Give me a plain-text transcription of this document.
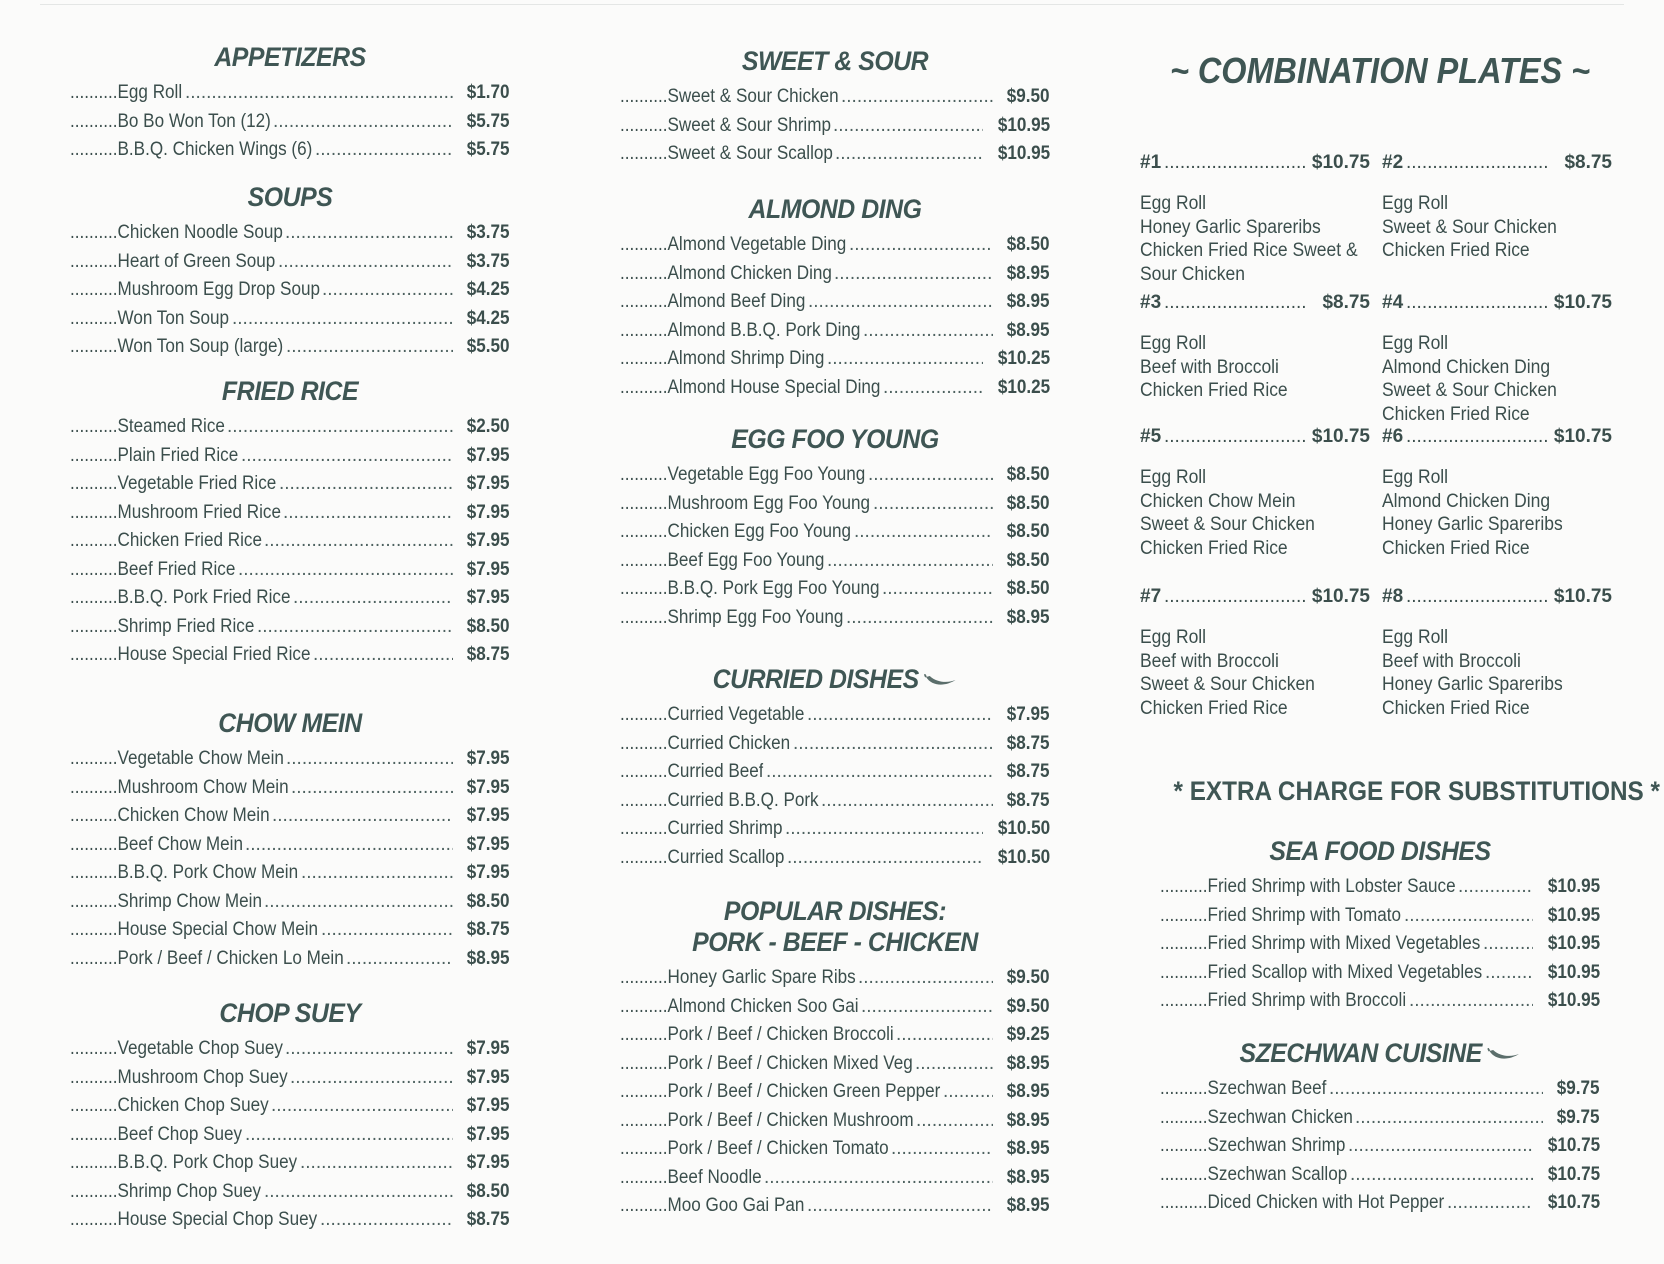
APPETIZERS
..... Egg Roll .....	$1.70
..... Bo Bo Won Ton (12) .....	$5.75
..... B.B.Q. Chicken Wings (6) .....	$5.75
SOUPS
..... Chicken Noodle Soup .....	$3.75
..... Heart of Green Soup .....	$3.75
..... Mushroom Egg Drop Soup .....	$4.25
..... Won Ton Soup .....	$4.25
..... Won Ton Soup (large) .....	$5.50
FRIED RICE
..... Steamed Rice .....	$2.50
..... Plain Fried Rice .....	$7.95
..... Vegetable Fried Rice .....	$7.95
..... Mushroom Fried Rice .....	$7.95
..... Chicken Fried Rice .....	$7.95
..... Beef Fried Rice .....	$7.95
..... B.B.Q. Pork Fried Rice .....	$7.95
..... Shrimp Fried Rice .....	$8.50
..... House Special Fried Rice .....	$8.75
CHOW MEIN
..... Vegetable Chow Mein .....	$7.95
..... Mushroom Chow Mein .....	$7.95
..... Chicken Chow Mein .....	$7.95
..... Beef Chow Mein .....	$7.95
..... B.B.Q. Pork Chow Mein .....	$7.95
..... Shrimp Chow Mein .....	$8.50
..... House Special Chow Mein .....	$8.75
..... Pork / Beef / Chicken Lo Mein .....	$8.95
CHOP SUEY
..... Vegetable Chop Suey .....	$7.95
..... Mushroom Chop Suey .....	$7.95
..... Chicken Chop Suey .....	$7.95
..... Beef Chop Suey .....	$7.95
..... B.B.Q. Pork Chop Suey .....	$7.95
..... Shrimp Chop Suey .....	$8.50
..... House Special Chop Suey .....	$8.75
SWEET & SOUR
..... Sweet & Sour Chicken .....	$9.50
..... Sweet & Sour Shrimp .....	$10.95
..... Sweet & Sour Scallop .....	$10.95
ALMOND DING
..... Almond Vegetable Ding .....	$8.50
..... Almond Chicken Ding .....	$8.95
..... Almond Beef Ding .....	$8.95
..... Almond B.B.Q. Pork Ding .....	$8.95
..... Almond Shrimp Ding .....	$10.25
..... Almond House Special Ding .....	$10.25
EGG FOO YOUNG
..... Vegetable Egg Foo Young .....	$8.50
..... Mushroom Egg Foo Young .....	$8.50
..... Chicken Egg Foo Young .....	$8.50
..... Beef Egg Foo Young .....	$8.50
..... B.B.Q. Pork Egg Foo Young .....	$8.50
..... Shrimp Egg Foo Young .....	$8.95
CURRIED DISHES
..... Curried Vegetable .....	$7.95
..... Curried Chicken .....	$8.75
..... Curried Beef .....	$8.75
..... Curried B.B.Q. Pork .....	$8.75
..... Curried Shrimp .....	$10.50
..... Curried Scallop .....	$10.50
POPULAR DISHES:
PORK - BEEF - CHICKEN
..... Honey Garlic Spare Ribs .....	$9.50
..... Almond Chicken Soo Gai .....	$9.50
..... Pork / Beef / Chicken Broccoli .....	$9.25
..... Pork / Beef / Chicken Mixed Veg .....	$8.95
..... Pork / Beef / Chicken Green Pepper .....	$8.95
..... Pork / Beef / Chicken Mushroom .....	$8.95
..... Pork / Beef / Chicken Tomato .....	$8.95
..... Beef Noodle .....	$8.95
..... Moo Goo Gai Pan .....	$8.95
~ COMBINATION PLATES ~
#1 .....	$10.75
Egg Roll
Honey Garlic Spareribs
Chicken Fried Rice Sweet &
Sour Chicken
#2 .....	$8.75
Egg Roll
Sweet & Sour Chicken
Chicken Fried Rice
#3 .....	$8.75
Egg Roll
Beef with Broccoli
Chicken Fried Rice
#4 .....	$10.75
Egg Roll
Almond Chicken Ding
Sweet & Sour Chicken
Chicken Fried Rice
#5 .....	$10.75
Egg Roll
Chicken Chow Mein
Sweet & Sour Chicken
Chicken Fried Rice
#6 .....	$10.75
Egg Roll
Almond Chicken Ding
Honey Garlic Spareribs
Chicken Fried Rice
#7 .....	$10.75
Egg Roll
Beef with Broccoli
Sweet & Sour Chicken
Chicken Fried Rice
#8 .....	$10.75
Egg Roll
Beef with Broccoli
Honey Garlic Spareribs
Chicken Fried Rice
* EXTRA CHARGE FOR SUBSTITUTIONS *
SEA FOOD DISHES
..... Fried Shrimp with Lobster Sauce .....	$10.95
..... Fried Shrimp with Tomato .....	$10.95
..... Fried Shrimp with Mixed Vegetables .....	$10.95
..... Fried Scallop with Mixed Vegetables .....	$10.95
..... Fried Shrimp with Broccoli .....	$10.95
SZECHWAN CUISINE
..... Szechwan Beef .....	$9.75
..... Szechwan Chicken .....	$9.75
..... Szechwan Shrimp .....	$10.75
..... Szechwan Scallop .....	$10.75
..... Diced Chicken with Hot Pepper .....	$10.75
